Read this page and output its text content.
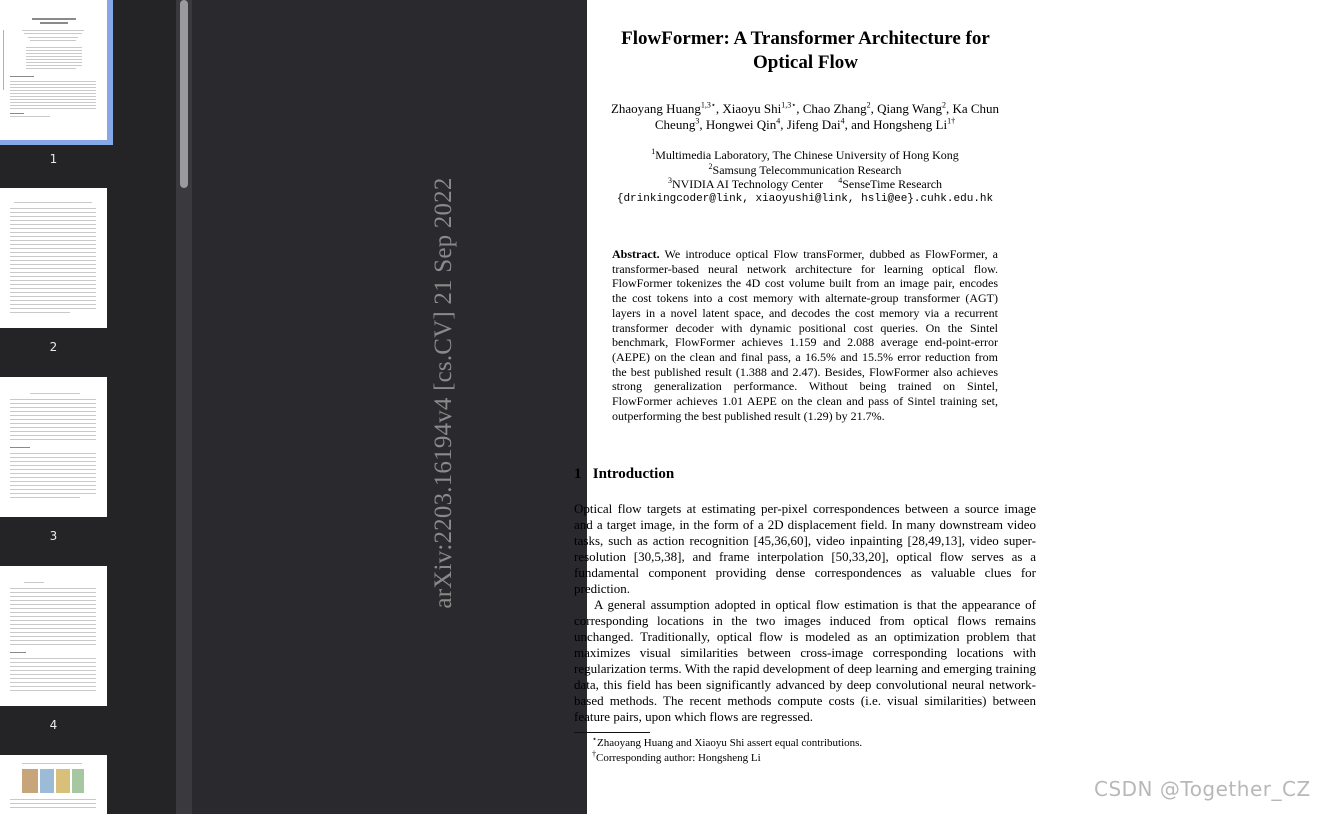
1
2
3
4
arXiv:2203.16194v4 [cs.CV] 21 Sep 2022
FlowFormer: A Transformer Architecture for
Optical Flow
Zhaoyang Huang$^{1,3⋆}$, Xiaoyu Shi$^{1,3⋆}$, Chao Zhang$^2$, Qiang Wang$^2$, Ka Chun
Cheung$^3$, Hongwei Qin$^4$, Jifeng Dai$^4$, and Hongsheng $Li^{1\dagger}$
$^1$Multimedia Laboratory, The Chinese University of Hong Kong
$^2$Samsung Telecommunication Research
$^3$NVIDIA AI Technology Center $^4$SenseTime Research
{drinkingcoder@link, xiaoyushi@link, hsli@ee}.cuhk.edu.hk
Abstract. We introduce optical Flow transFormer, dubbed as FlowFormer, a transformer-based neural network architecture for learning optical flow. FlowFormer tokenizes the 4D cost volume built from an image pair, encodes the cost tokens into a cost memory with alternate-group transformer (AGT) layers in a novel latent space, and decodes the cost memory via a recurrent transformer decoder with dynamic positional cost queries. On the Sintel benchmark, FlowFormer achieves 1.159 and 2.088 average end-point-error (AEPE) on the clean and final pass, a 16.5% and 15.5% error reduction from the best published result (1.388 and 2.47). Besides, FlowFormer also achieves strong generalization performance. Without being trained on Sintel, FlowFormer achieves 1.01 AEPE on the clean and pass of Sintel training set, outperforming the best published result (1.29) by 21.7%.
1 Introduction
Optical flow targets at estimating per-pixel correspondences between a source image and a target image, in the form of a 2D displacement field. In many downstream video tasks, such as action recognition [45,36,60], video inpainting [28,49,13], video super-resolution [30,5,38], and frame interpolation [50,33,20], optical flow serves as a fundamental component providing dense correspondences as valuable clues for prediction.
A general assumption adopted in optical flow estimation is that the appearance of corresponding locations in the two images induced from optical flows remains unchanged. Traditionally, optical flow is modeled as an optimization problem that maximizes visual similarities between cross-image corresponding locations with regularization terms. With the rapid development of deep learning and emerging training data, this field has been significantly advanced by deep convolutional neural network-based methods. The recent methods compute costs (i.e. visual similarities) between feature pairs, upon which flows are regressed.
⋆Zhaoyang Huang and Xiaoyu Shi assert equal contributions.
†Corresponding author: Hongsheng Li
CSDN @Together_CZ
